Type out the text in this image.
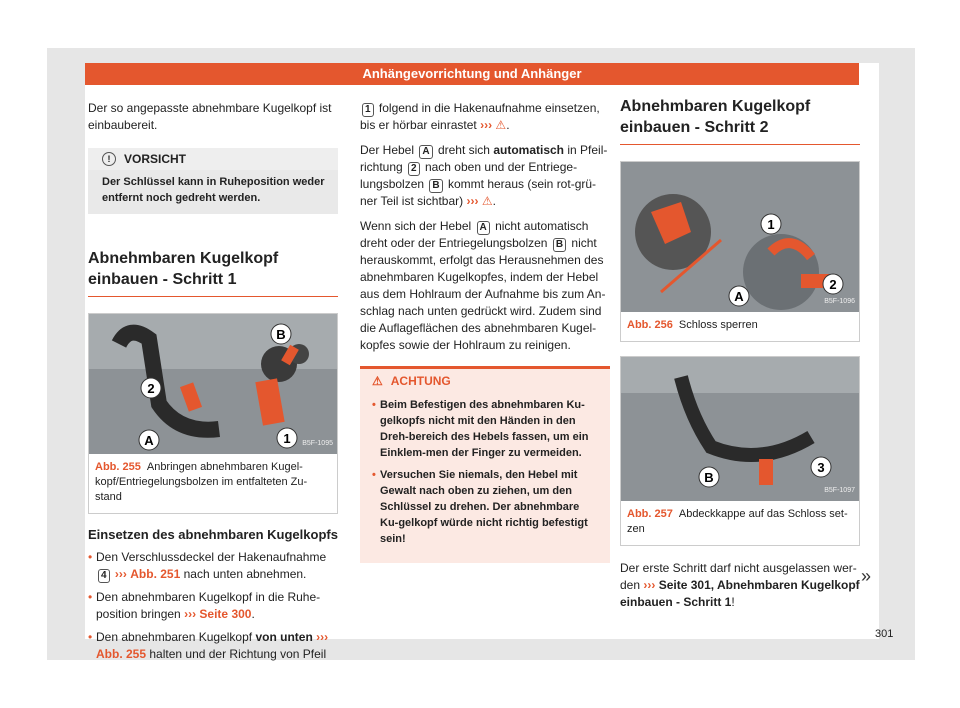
Anhängevorrichtung und Anhänger

Der so angepasste abnehmbare Kugelkopf ist einbaubereit.

!	VORSICHT
Der Schlüssel kann in Ruheposition weder entfernt noch gedreht werden.
Abnehmbaren Kugelkopf einbauen - Schritt 1
B
2
A	1 B5F-1095
Abb. 255 Anbringen abnehmbaren Kugel-kopf/Entriegelungsbolzen im entfalteten Zu-stand
Einsetzen des abnehmbaren Kugelkopfs
• Den Verschlussdeckel der Hakenaufnahme 4 ››› Abb. 251 nach unten abnehmen.
• Den abnehmbaren Kugelkopf in die Ruhe-position bringen ››› Seite 300.
• Den abnehmbaren Kugelkopf von unten ››› Abb. 255 halten und der Richtung von Pfeil

1 folgend in die Hakenaufnahme einsetzen, bis er hörbar einrastet ››› ⚠.

Der Hebel A dreht sich automatisch in Pfeil-richtung 2 nach oben und der Entriege-lungsbolzen B kommt heraus (sein rot-grü-ner Teil ist sichtbar) ››› ⚠.

Wenn sich der Hebel A nicht automatisch dreht oder der Entriegelungsbolzen B nicht herauskommt, erfolgt das Herausnehmen des abnehmbaren Kugelkopfes, indem der Hebel aus dem Hohlraum der Aufnahme bis zum An-schlag nach unten gedrückt wird. Zudem sind die Auflageflächen des abnehmbaren Kugel-kopfes sowie der Hohlraum zu reinigen.

⚠ ACHTUNG
• Beim Befestigen des abnehmbaren Ku-gelkopfs nicht mit den Händen in den Dreh-bereich des Hebels fassen, um ein Einklem-men der Finger zu vermeiden.
• Versuchen Sie niemals, den Hebel mit Gewalt nach oben zu ziehen, um den Schlüssel zu drehen. Der abnehmbare Ku-gelkopf würde nicht richtig befestigt sein!
Abnehmbaren Kugelkopf einbauen - Schritt 2
1
2
A	B5F-1096
Abb. 256 Schloss sperren
B
3
B5F-1097
Abb. 257 Abdeckkappe auf das Schloss set-zen

Der erste Schritt darf nicht ausgelassen wer-den ››› Seite 301, Abnehmbaren Kugelkopf einbauen - Schritt 1!

»
301
